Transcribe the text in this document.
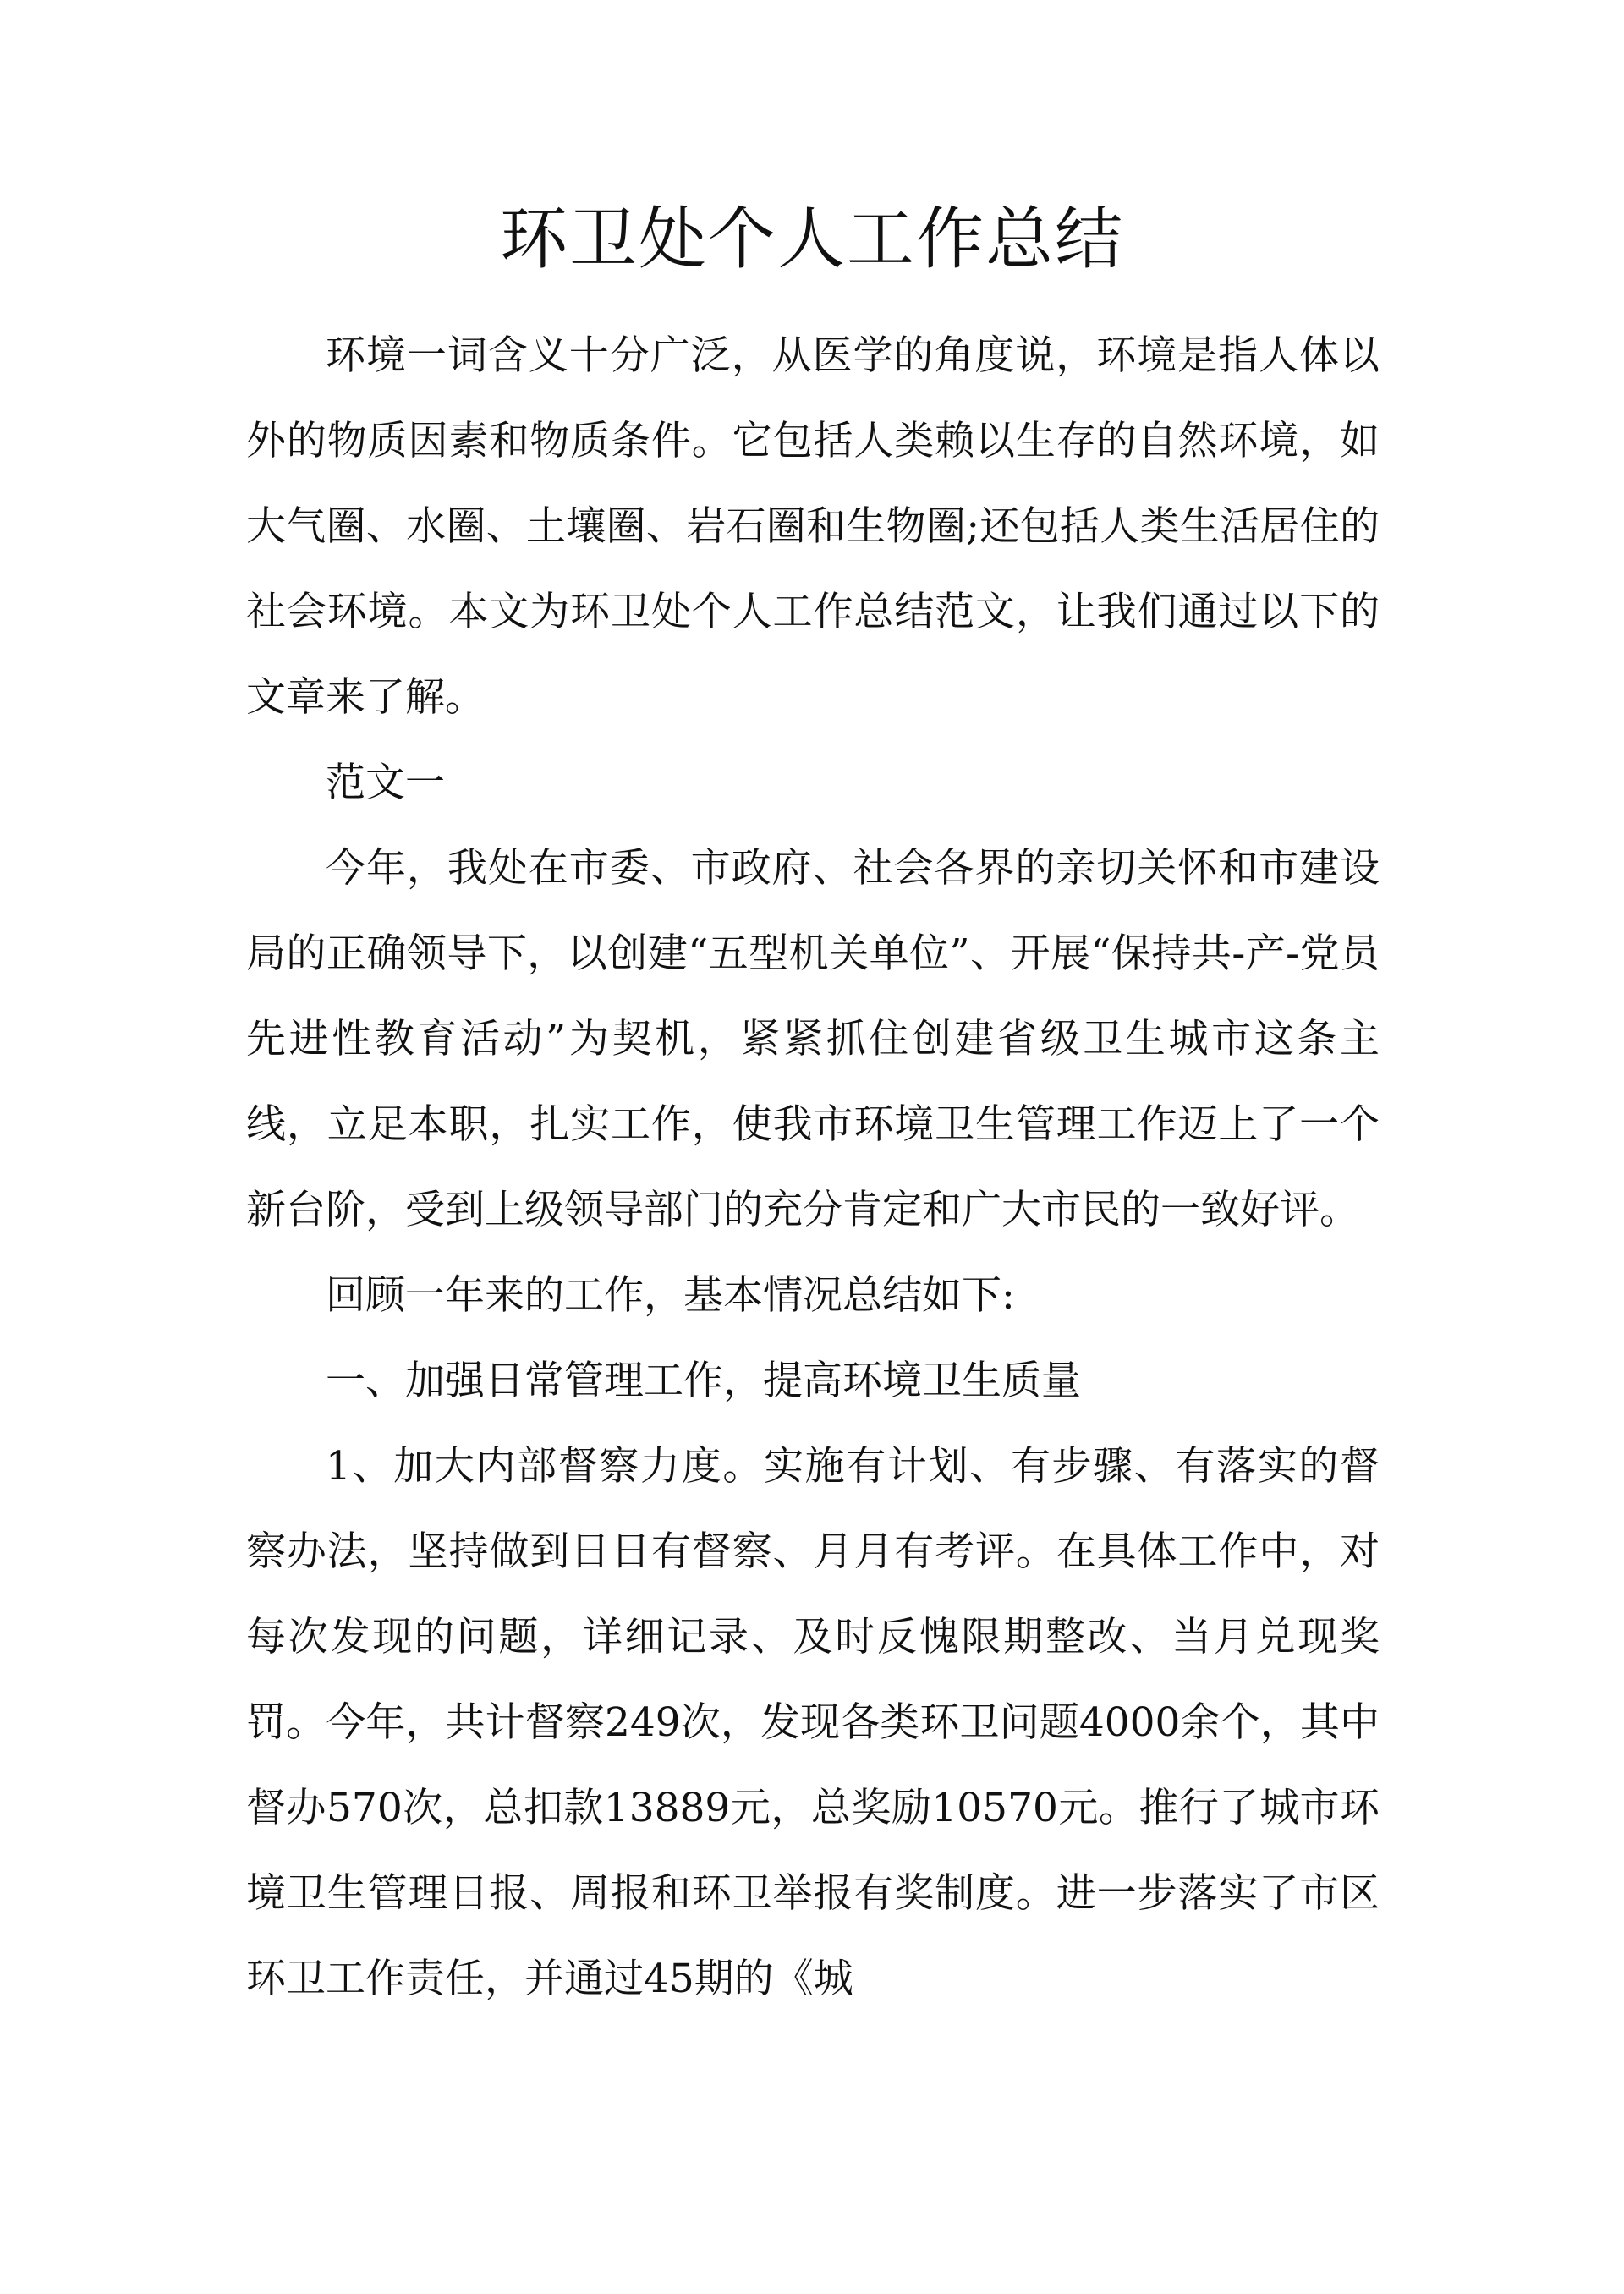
环卫处个人工作总结

环境一词含义十分广泛，从医学的角度说，环境是指人体以外的物质因素和物质条件。它包括人类赖以生存的自然环境，如大气圈、水圈、土壤圈、岩石圈和生物圈;还包括人类生活居住的社会环境。本文为环卫处个人工作总结范文，让我们通过以下的文章来了解。

范文一

今年，我处在市委、市政府、社会各界的亲切关怀和市建设局的正确领导下，以创建“五型机关单位”、开展“保持共-产-党员先进性教育活动”为契机，紧紧抓住创建省级卫生城市这条主线，立足本职，扎实工作，使我市环境卫生管理工作迈上了一个新台阶，受到上级领导部门的充分肯定和广大市民的一致好评。

回顾一年来的工作，基本情况总结如下:

一、加强日常管理工作，提高环境卫生质量

1、加大内部督察力度。实施有计划、有步骤、有落实的督察办法，坚持做到日日有督察、月月有考评。在具体工作中，对每次发现的问题，详细记录、及时反愧限期整改、当月兑现奖罚。今年，共计督察249次，发现各类环卫问题4000余个，其中督办570次，总扣款13889元，总奖励10570元。推行了城市环境卫生管理日报、周报和环卫举报有奖制度。进一步落实了市区环卫工作责任，并通过45期的《城
